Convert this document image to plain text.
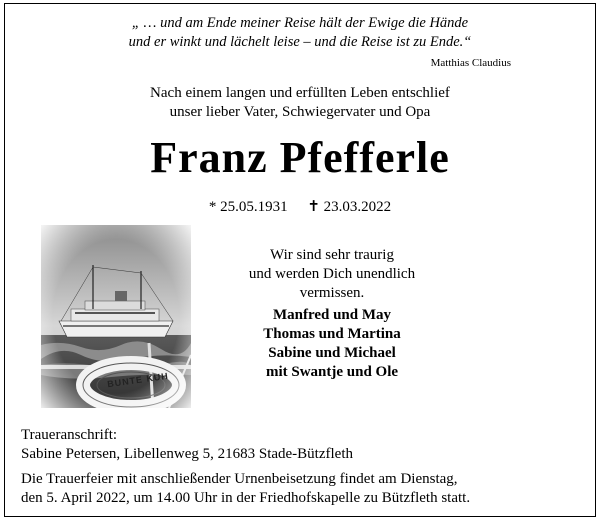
„ … und am Ende meiner Reise hält der Ewige die Hände
und er winkt und lächelt leise – und die Reise ist zu Ende.“
Matthias Claudius
Nach einem langen und erfüllten Leben entschlief
unser lieber Vater, Schwiegervater und Opa
Franz Pfefferle
* 25.05.1931 ✝ 23.03.2022
BUNTE KUH
Wir sind sehr traurig
und werden Dich unendlich
vermissen.
Manfred und May
Thomas und Martina
Sabine und Michael
mit Swantje und Ole
Traueranschrift:
Sabine Petersen, Libellenweg 5, 21683 Stade-Bützfleth
Die Trauerfeier mit anschließender Urnenbeisetzung findet am Dienstag,
den 5. April 2022, um 14.00 Uhr in der Friedhofskapelle zu Bützfleth statt.
